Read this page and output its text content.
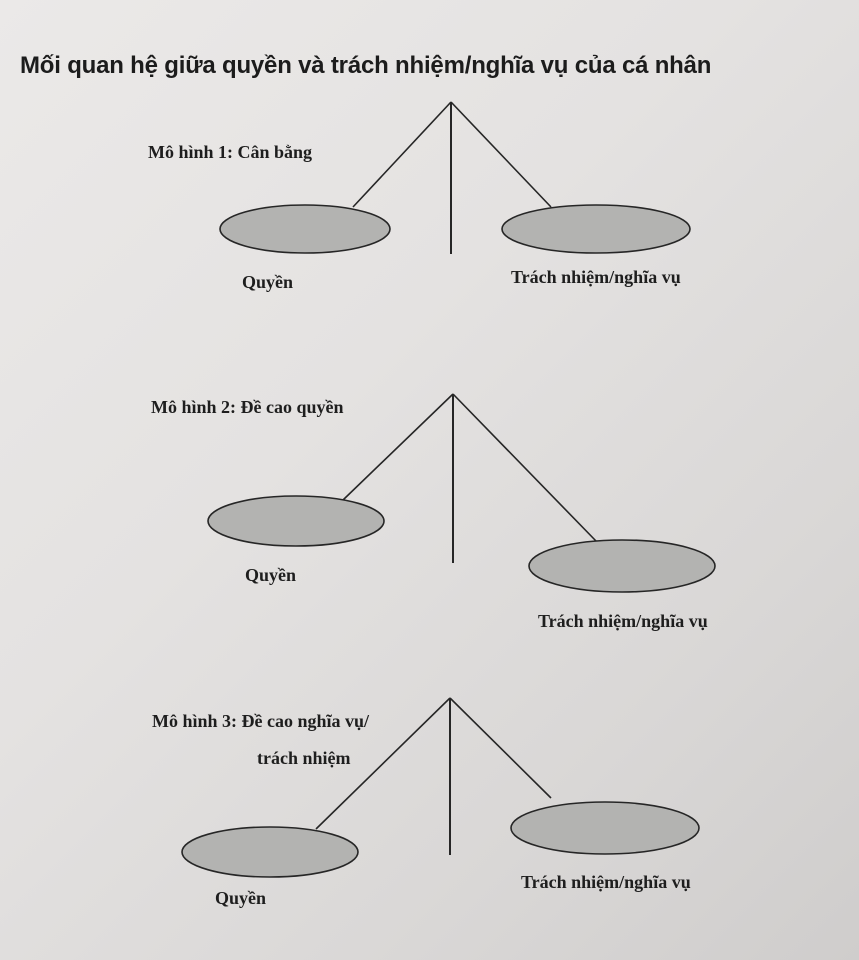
Mối quan hệ giữa quyền và trách nhiệm/nghĩa vụ của cá nhân
Mô hình 1: Cân bằng
Quyền	Trách nhiệm/nghĩa vụ
Mô hình 2: Đề cao quyền
Quyền
Trách nhiệm/nghĩa vụ
Mô hình 3: Đề cao nghĩa vụ/
trách nhiệm
Quyền
Trách nhiệm/nghĩa vụ
